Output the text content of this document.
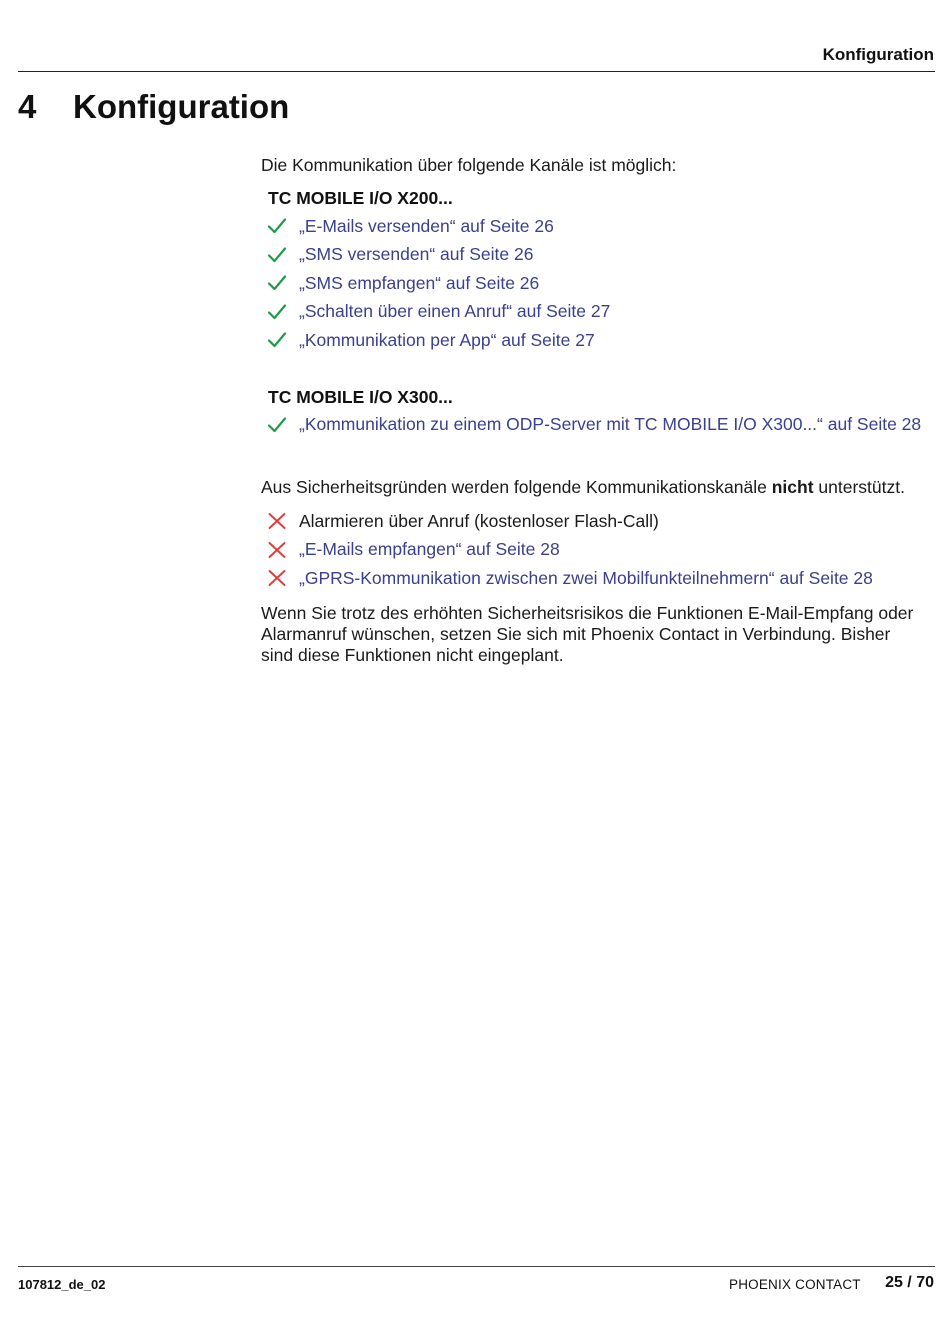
Konfiguration
4 Konfiguration

Die Kommunikation über folgende Kanäle ist möglich:

TC MOBILE I/O X200...
„E-Mails versenden“ auf Seite 26
„SMS versenden“ auf Seite 26
„SMS empfangen“ auf Seite 26
„Schalten über einen Anruf“ auf Seite 27
„Kommunikation per App“ auf Seite 27
TC MOBILE I/O X300...
„Kommunikation zu einem ODP-Server mit TC MOBILE I/O X300...“ auf Seite 28

Aus Sicherheitsgründen werden folgende Kommunikationskanäle nicht unterstützt.

Alarmieren über Anruf (kostenloser Flash-Call)
„E-Mails empfangen“ auf Seite 28
„GPRS-Kommunikation zwischen zwei Mobilfunkteilnehmern“ auf Seite 28

Wenn Sie trotz des erhöhten Sicherheitsrisikos die Funktionen E-Mail-Empfang oder Alarmanruf wünschen, setzen Sie sich mit Phoenix Contact in Verbindung. Bisher sind diese Funktionen nicht eingeplant.

107812_de_02	PHOENIX CONTACT 25 / 70
